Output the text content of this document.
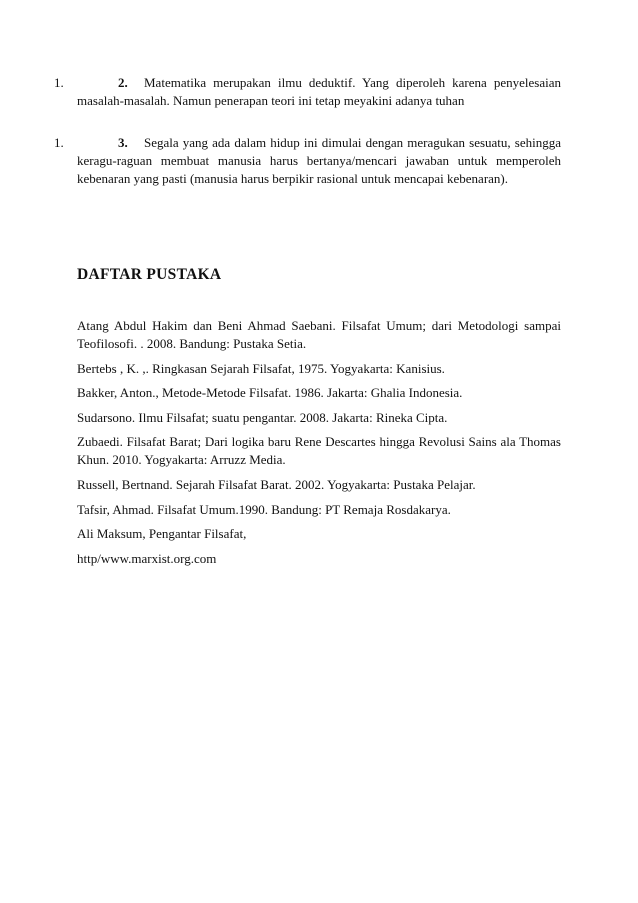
1.	2. Matematika merupakan ilmu deduktif. Yang diperoleh karena penyelesaian masalah-masalah. Namun penerapan teori ini tetap meyakini adanya tuhan
1.	3. Segala yang ada dalam hidup ini dimulai dengan meragukan sesuatu, sehingga keragu-raguan membuat manusia harus bertanya/mencari jawaban untuk memperoleh kebenaran yang pasti (manusia harus berpikir rasional untuk mencapai kebenaran).
DAFTAR PUSTAKA
Atang Abdul Hakim dan Beni Ahmad Saebani. Filsafat Umum; dari Metodologi sampai Teofilosofi. . 2008. Bandung: Pustaka Setia.
Bertebs , K. ,. Ringkasan Sejarah Filsafat, 1975. Yogyakarta: Kanisius.
Bakker, Anton., Metode-Metode Filsafat. 1986. Jakarta: Ghalia Indonesia.
Sudarsono. Ilmu Filsafat; suatu pengantar. 2008. Jakarta: Rineka Cipta.
Zubaedi. Filsafat Barat; Dari logika baru Rene Descartes hingga Revolusi Sains ala Thomas Khun. 2010. Yogyakarta: Arruzz Media.
Russell, Bertnand. Sejarah Filsafat Barat. 2002. Yogyakarta: Pustaka Pelajar.
Tafsir, Ahmad. Filsafat Umum.1990. Bandung: PT Remaja Rosdakarya.
Ali Maksum, Pengantar Filsafat,
http/www.marxist.org.com
